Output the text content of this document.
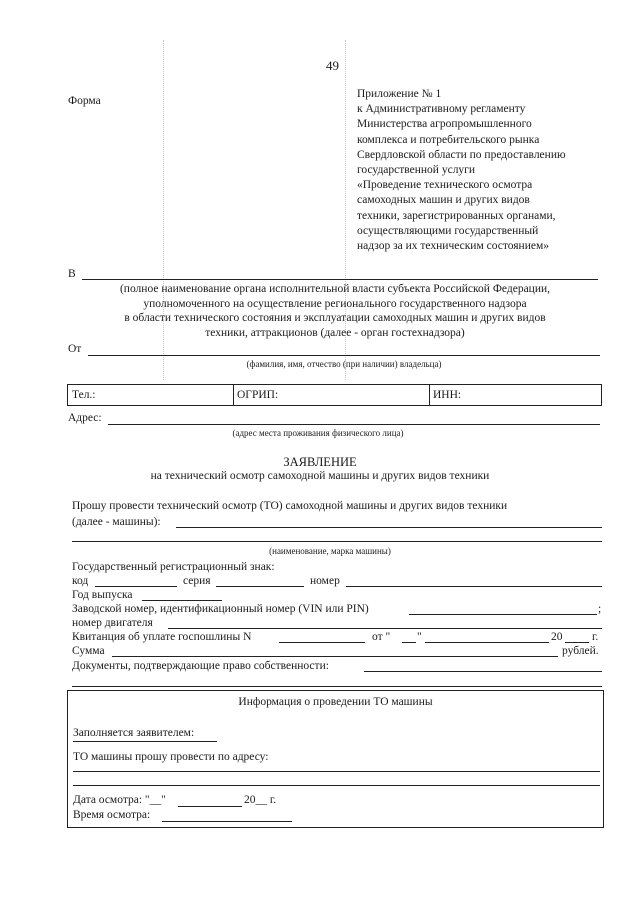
49
Форма
Приложение № 1
к Административному регламенту
Министерства агропромышленного
комплекса и потребительского рынка
Свердловской области по предоставлению
государственной услуги
«Проведение технического осмотра
самоходных машин и других видов
техники, зарегистрированных органами,
осуществляющими государственный
надзор за их техническим состоянием»
В
(полное наименование органа исполнительной власти субъекта Российской Федерации,
уполномоченного на осуществление регионального государственного надзора
в области технического состояния и эксплуатации самоходных машин и других видов
техники, аттракционов (далее - орган гостехнадзора)
От
(фамилия, имя, отчество (при наличии) владельца)
Тел.:	ОГРИП:	ИНН:
Адрес:
(адрес места проживания физического лица)
ЗАЯВЛЕНИЕ
на технический осмотр самоходной машины и других видов техники
Прошу провести технический осмотр (ТО) самоходной машины и других видов техники
(далее - машины):
(наименование, марка машины)
Государственный регистрационный знак:
код	серия	номер
Год выпуска
Заводской номер, идентификационный номер (VIN или PIN)	;
номер двигателя
Квитанция об уплате госпошлины N	от " "	20	г.
Сумма	рублей.
Документы, подтверждающие право собственности:
Информация о проведении ТО машины
Заполняется заявителем:
ТО машины прошу провести по адресу:
Дата осмотра: "__"	20__ г.
Время осмотра:
